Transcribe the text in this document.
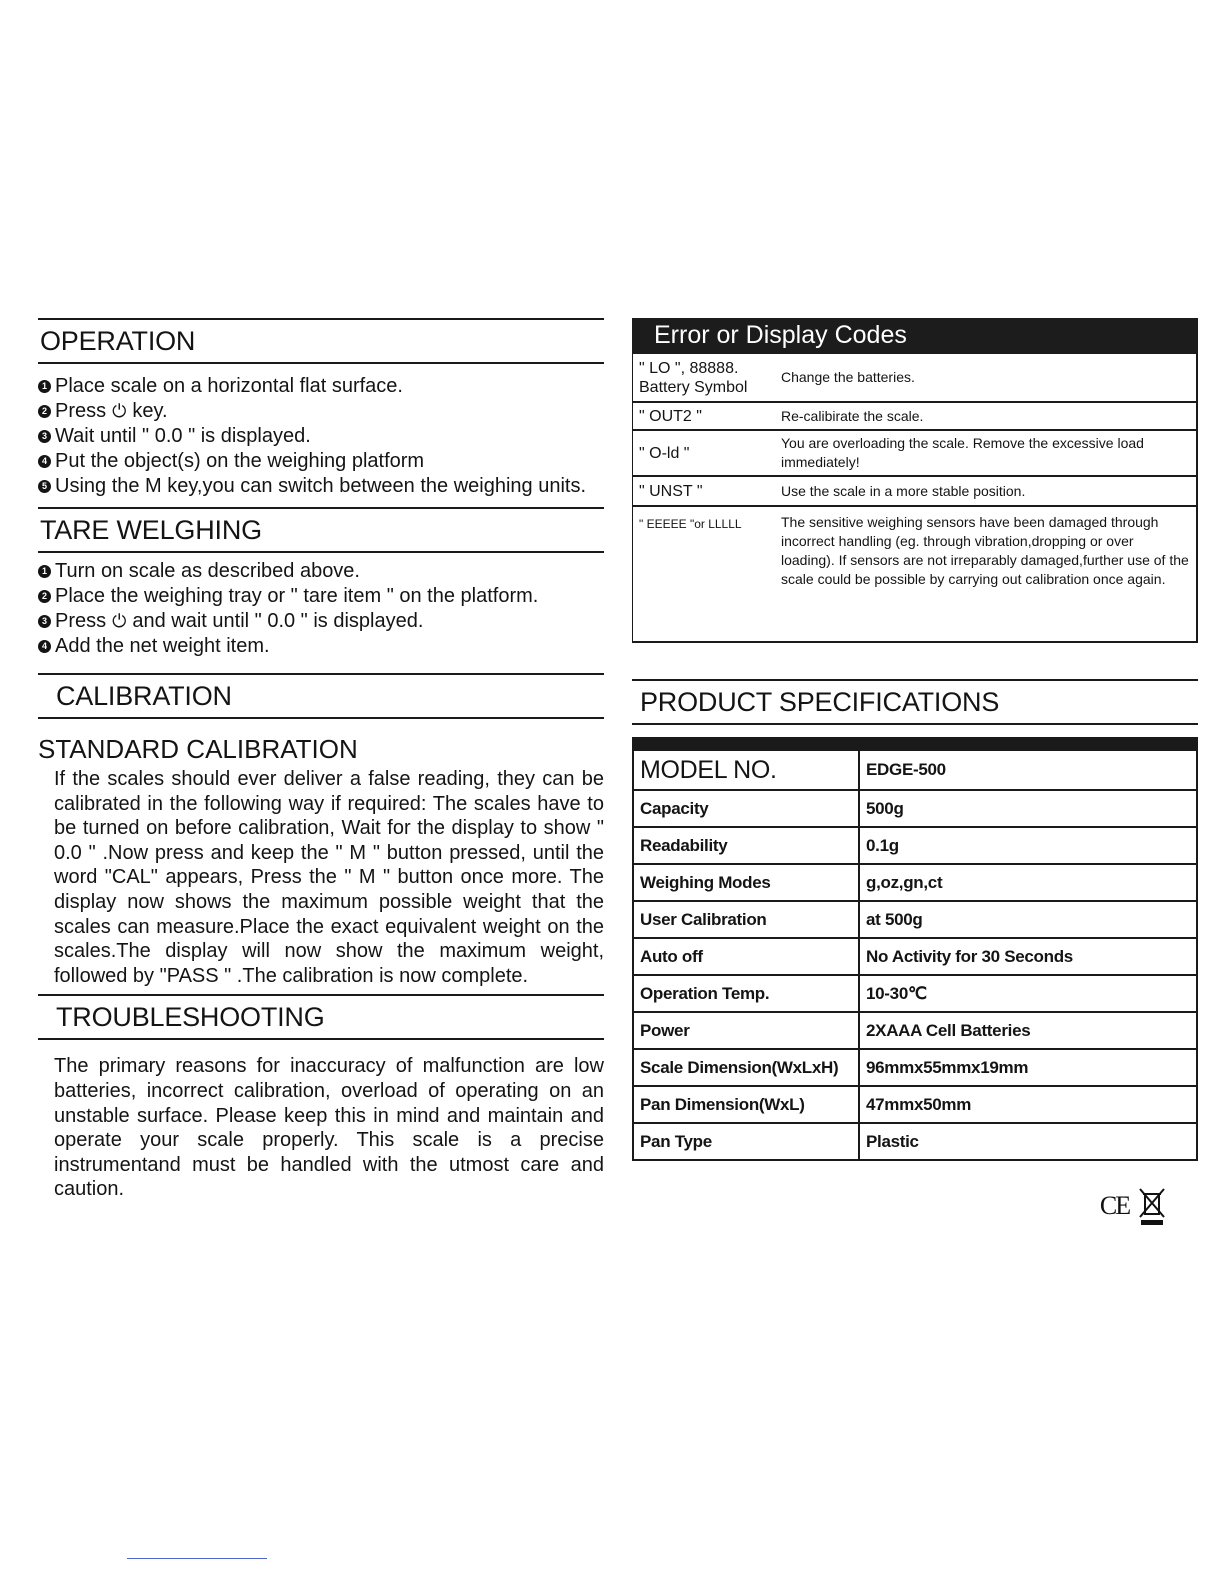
OPERATION
1 Place scale on a horizontal flat surface.
2 Press ⏻ key.
3 Wait until " 0.0 " is displayed.
4 Put the object(s) on the weighing platform
5 Using the M key,you can switch between the weighing units.
TARE WELGHING
1 Turn on scale as described above.
2 Place the weighing tray or " tare item " on the platform.
3 Press ⏻ and wait until " 0.0 " is displayed.
4 Add the net weight item.
CALIBRATION
STANDARD CALIBRATION

If the scales should ever deliver a false reading, they can be calibrated in the following way if required: The scales have to be turned on before calibration, Wait for the display to show " 0.0 " .Now press and keep the " M " button pressed, until the word "CAL" appears, Press the " M " button once more. The display now shows the maximum possible weight that the scales can measure.Place the exact equivalent weight on the scales.The display will now show the maximum weight, followed by "PASS " .The calibration is now complete.

TROUBLESHOOTING

The primary reasons for inaccuracy of malfunction are low batteries, incorrect calibration, overload of operating on an unstable surface. Please keep this in mind and maintain and operate your scale properly. This scale is a precise instrumentand must be handled with the utmost care and caution.

Error or Display Codes
" LO ", 88888. Battery Symbol	Change the batteries.
" OUT2 "	Re-calibirate the scale.
" O-ld "	You are overloading the scale. Remove the excessive load immediately!
" UNST "	Use the scale in a more stable position.
" EEEEE "or LLLLL	The sensitive weighing sensors have been damaged through incorrect handling (eg. through vibration,dropping or over loading). If sensors are not irreparably damaged,further use of the scale could be possible by carrying out calibration once again.
PRODUCT SPECIFICATIONS
MODEL NO.	EDGE-500
Capacity	500g
Readability	0.1g
Weighing Modes	g,oz,gn,ct
User Calibration	at 500g
Auto off	No Activity for 30 Seconds
Operation Temp.	10-30℃
Power	2XAAA Cell Batteries
Scale Dimension(WxLxH)	96mmx55mmx19mm
Pan Dimension(WxL)	47mmx50mm
Pan Type	Plastic
CE
